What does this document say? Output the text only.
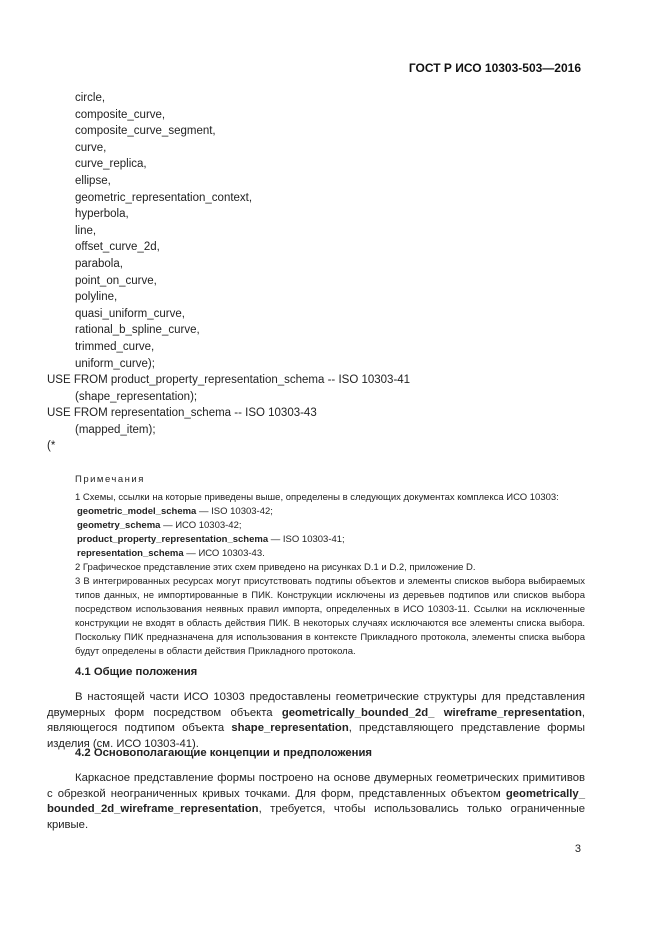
ГОСТ Р ИСО 10303-503—2016
circle,
composite_curve,
composite_curve_segment,
curve,
curve_replica,
ellipse,
geometric_representation_context,
hyperbola,
line,
offset_curve_2d,
parabola,
point_on_curve,
polyline,
quasi_uniform_curve,
rational_b_spline_curve,
trimmed_curve,
uniform_curve);
USE FROM product_property_representation_schema -- ISO 10303-41
(shape_representation);
USE FROM representation_schema -- ISO 10303-43
(mapped_item);
(*
Примечания
1 Схемы, ссылки на которые приведены выше, определены в следующих документах комплекса ИСО 10303:
geometric_model_schema — ISO 10303-42;
geometry_schema — ИСО 10303-42;
product_property_representation_schema — ISO 10303-41;
representation_schema — ИСО 10303-43.
2 Графическое представление этих схем приведено на рисунках D.1 и D.2, приложение D.
3 В интегрированных ресурсах могут присутствовать подтипы объектов и элементы списков выбора выбираемых типов данных, не импортированные в ПИК. Конструкции исключены из деревьев подтипов или списков выбора посредством использования неявных правил импорта, определенных в ИСО 10303-11. Ссылки на исключенные конструкции не входят в область действия ПИК. В некоторых случаях исключаются все элементы списка выбора. Поскольку ПИК предназначена для использования в контексте Прикладного протокола, элементы списка выбора будут определены в области действия Прикладного протокола.
4.1 Общие положения
В настоящей части ИСО 10303 предоставлены геометрические структуры для представления двумерных форм посредством объекта geometrically_bounded_2d_ wireframe_representation, являющегося подтипом объекта shape_representation, представляющего представление формы изделия (см. ИСО 10303-41).
4.2 Основополагающие концепции и предположения
Каркасное представление формы построено на основе двумерных геометрических примитивов с обрезкой неограниченных кривых точками. Для форм, представленных объектом geometrically_ bounded_2d_wireframe_representation, требуется, чтобы использовались только ограниченные кривые.
3
